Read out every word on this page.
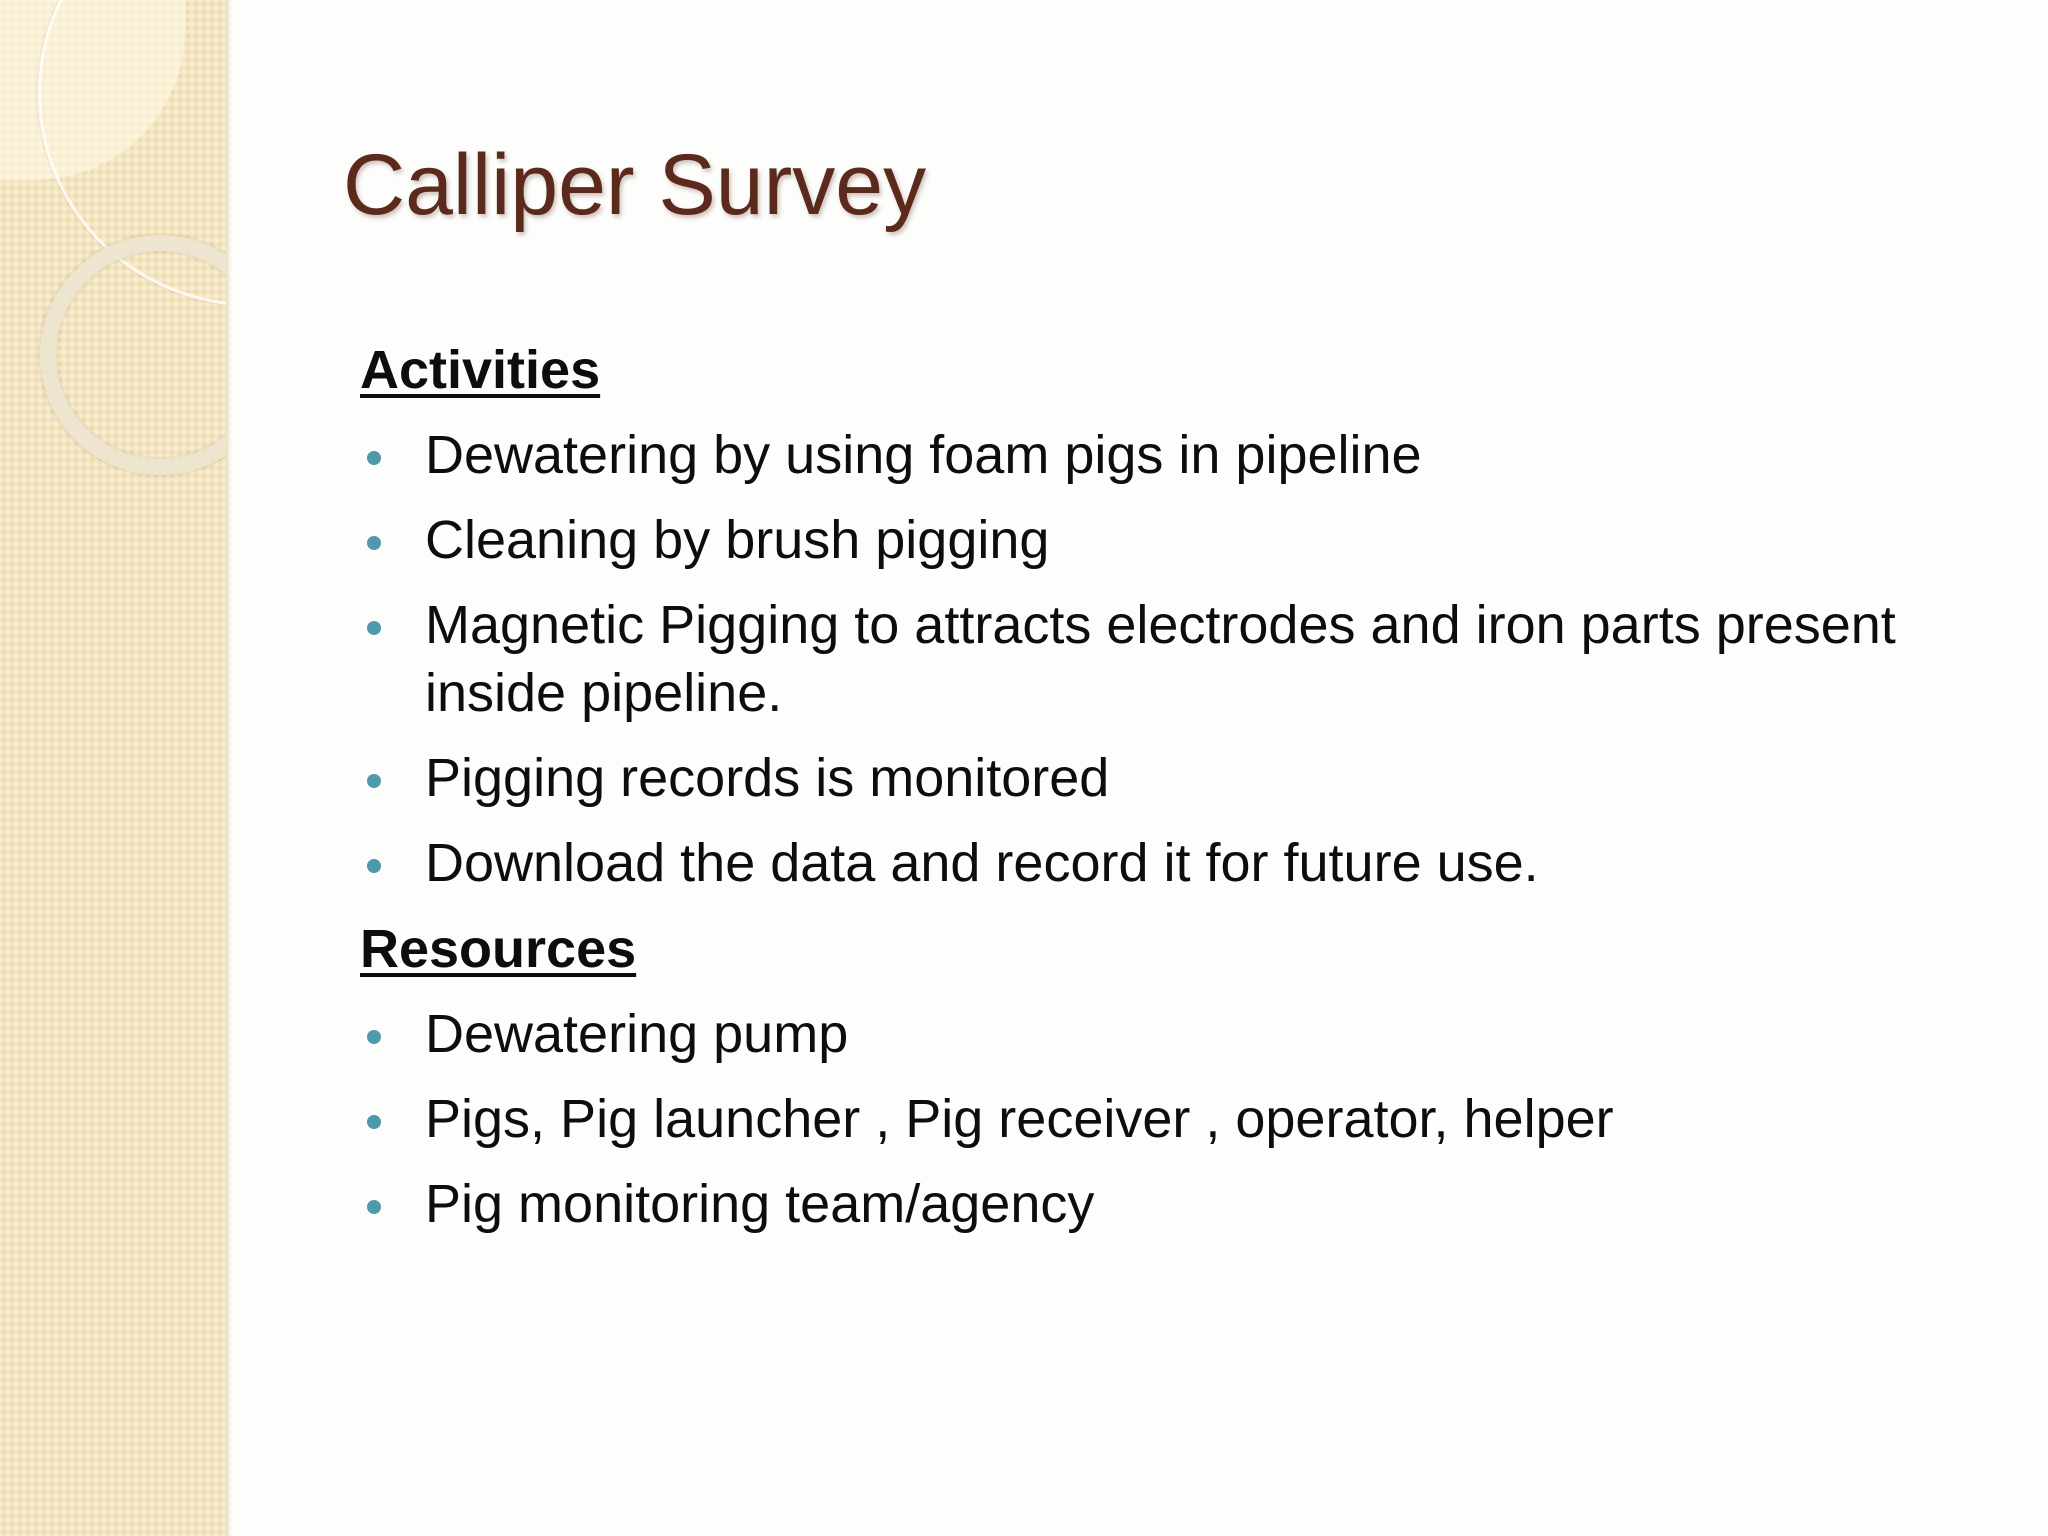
Calliper Survey
Activities
Dewatering by using foam pigs in pipeline
Cleaning by brush pigging
Magnetic Pigging to attracts electrodes and iron parts present inside pipeline.
Pigging records is monitored
Download the data and record it for future use.
Resources
Dewatering pump
Pigs, Pig launcher , Pig receiver , operator, helper
Pig monitoring team/agency
